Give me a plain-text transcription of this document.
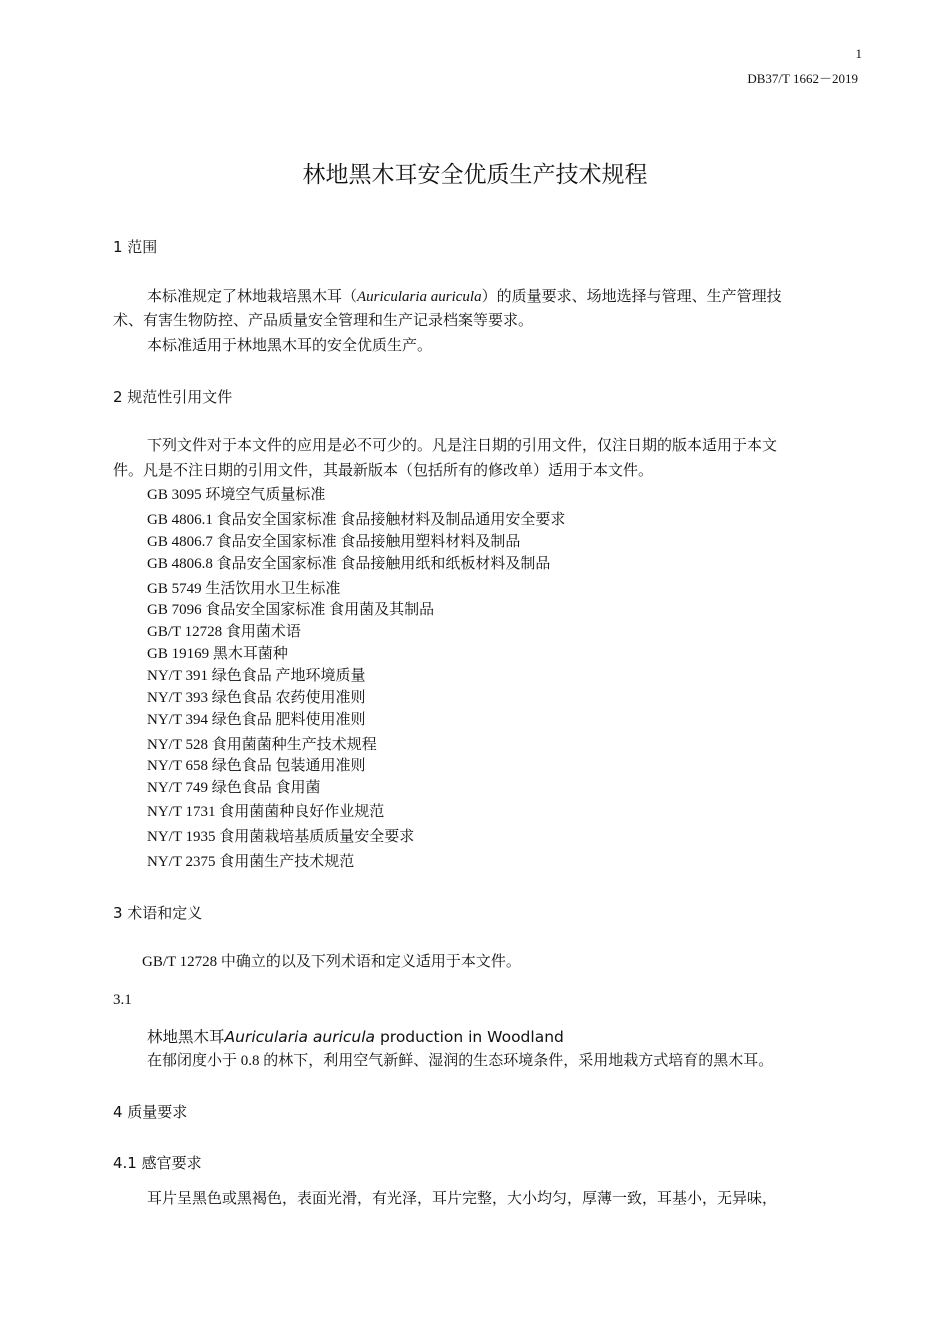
1
DB37/T 1662－2019
林地黑木耳安全优质生产技术规程
1 范围
本标准规定了林地栽培黑木耳（Auricularia auricula）的质量要求、场地选择与管理、生产管理技
术、有害生物防控、产品质量安全管理和生产记录档案等要求。
本标准适用于林地黑木耳的安全优质生产。
2 规范性引用文件
下列文件对于本文件的应用是必不可少的。凡是注日期的引用文件，仅注日期的版本适用于本文
件。凡是不注日期的引用文件，其最新版本（包括所有的修改单）适用于本文件。
GB 3095 环境空气质量标准
GB 4806.1 食品安全国家标准 食品接触材料及制品通用安全要求
GB 4806.7 食品安全国家标准 食品接触用塑料材料及制品
GB 4806.8 食品安全国家标准 食品接触用纸和纸板材料及制品
GB 5749 生活饮用水卫生标准
GB 7096 食品安全国家标准 食用菌及其制品
GB/T 12728 食用菌术语
GB 19169 黑木耳菌种
NY/T 391 绿色食品 产地环境质量
NY/T 393 绿色食品 农药使用准则
NY/T 394 绿色食品 肥料使用准则
NY/T 528 食用菌菌种生产技术规程
NY/T 658 绿色食品 包装通用准则
NY/T 749 绿色食品 食用菌
NY/T 1731 食用菌菌种良好作业规范
NY/T 1935 食用菌栽培基质质量安全要求
NY/T 2375 食用菌生产技术规范
3 术语和定义
GB/T 12728 中确立的以及下列术语和定义适用于本文件。
3.1
林地黑木耳Auricularia auricula production in Woodland
在郁闭度小于 0.8 的林下，利用空气新鲜、湿润的生态环境条件，采用地栽方式培育的黑木耳。
4 质量要求
4.1 感官要求
耳片呈黑色或黑褐色，表面光滑，有光泽，耳片完整，大小均匀，厚薄一致，耳基小，无异味，
